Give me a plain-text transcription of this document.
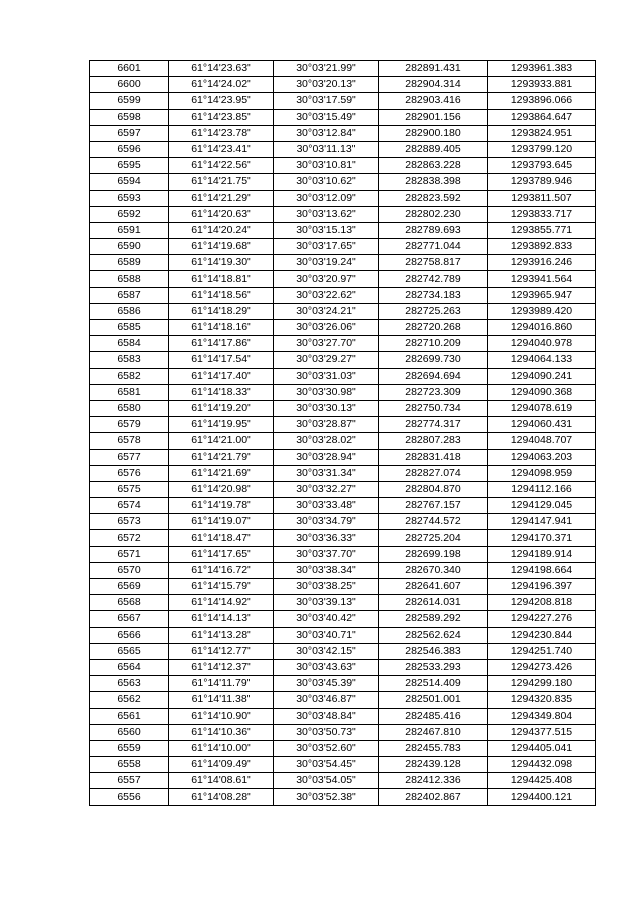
6601	61°14'23.63"	30°03'21.99"	282891.431	1293961.383
6600	61°14'24.02"	30°03'20.13"	282904.314	1293933.881
6599	61°14'23.95"	30°03'17.59"	282903.416	1293896.066
6598	61°14'23.85"	30°03'15.49"	282901.156	1293864.647
6597	61°14'23.78"	30°03'12.84"	282900.180	1293824.951
6596	61°14'23.41"	30°03'11.13"	282889.405	1293799.120
6595	61°14'22.56"	30°03'10.81"	282863.228	1293793.645
6594	61°14'21.75"	30°03'10.62"	282838.398	1293789.946
6593	61°14'21.29"	30°03'12.09"	282823.592	1293811.507
6592	61°14'20.63"	30°03'13.62"	282802.230	1293833.717
6591	61°14'20.24"	30°03'15.13"	282789.693	1293855.771
6590	61°14'19.68"	30°03'17.65"	282771.044	1293892.833
6589	61°14'19.30"	30°03'19.24"	282758.817	1293916.246
6588	61°14'18.81"	30°03'20.97"	282742.789	1293941.564
6587	61°14'18.56"	30°03'22.62"	282734.183	1293965.947
6586	61°14'18.29"	30°03'24.21"	282725.263	1293989.420
6585	61°14'18.16"	30°03'26.06"	282720.268	1294016.860
6584	61°14'17.86"	30°03'27.70"	282710.209	1294040.978
6583	61°14'17.54"	30°03'29.27"	282699.730	1294064.133
6582	61°14'17.40"	30°03'31.03"	282694.694	1294090.241
6581	61°14'18.33"	30°03'30.98"	282723.309	1294090.368
6580	61°14'19.20"	30°03'30.13"	282750.734	1294078.619
6579	61°14'19.95"	30°03'28.87"	282774.317	1294060.431
6578	61°14'21.00"	30°03'28.02"	282807.283	1294048.707
6577	61°14'21.79"	30°03'28.94"	282831.418	1294063.203
6576	61°14'21.69"	30°03'31.34"	282827.074	1294098.959
6575	61°14'20.98"	30°03'32.27"	282804.870	1294112.166
6574	61°14'19.78"	30°03'33.48"	282767.157	1294129.045
6573	61°14'19.07"	30°03'34.79"	282744.572	1294147.941
6572	61°14'18.47"	30°03'36.33"	282725.204	1294170.371
6571	61°14'17.65"	30°03'37.70"	282699.198	1294189.914
6570	61°14'16.72"	30°03'38.34"	282670.340	1294198.664
6569	61°14'15.79"	30°03'38.25"	282641.607	1294196.397
6568	61°14'14.92"	30°03'39.13"	282614.031	1294208.818
6567	61°14'14.13"	30°03'40.42"	282589.292	1294227.276
6566	61°14'13.28"	30°03'40.71"	282562.624	1294230.844
6565	61°14'12.77"	30°03'42.15"	282546.383	1294251.740
6564	61°14'12.37"	30°03'43.63"	282533.293	1294273.426
6563	61°14'11.79"	30°03'45.39"	282514.409	1294299.180
6562	61°14'11.38"	30°03'46.87"	282501.001	1294320.835
6561	61°14'10.90"	30°03'48.84"	282485.416	1294349.804
6560	61°14'10.36"	30°03'50.73"	282467.810	1294377.515
6559	61°14'10.00"	30°03'52.60"	282455.783	1294405.041
6558	61°14'09.49"	30°03'54.45"	282439.128	1294432.098
6557	61°14'08.61"	30°03'54.05"	282412.336	1294425.408
6556	61°14'08.28"	30°03'52.38"	282402.867	1294400.121
